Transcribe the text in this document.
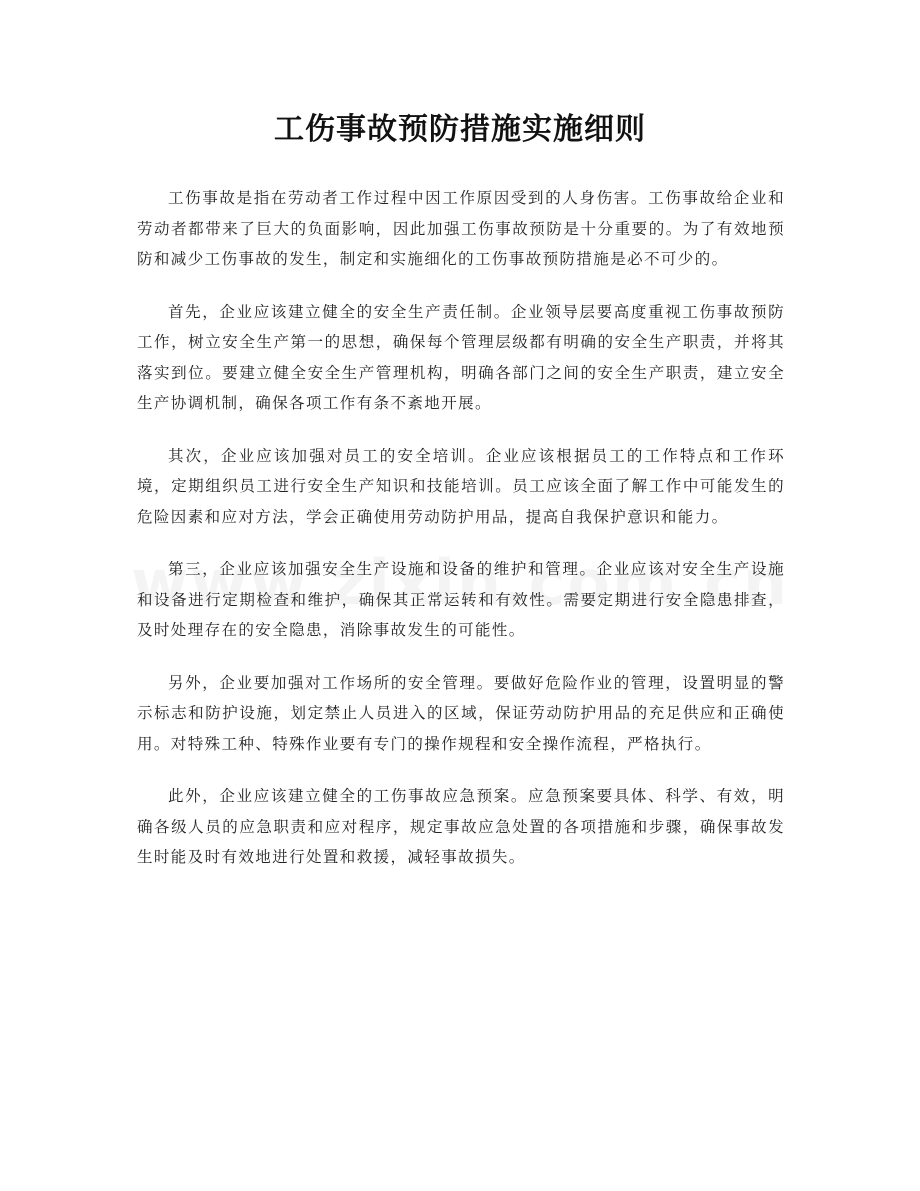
工伤事故预防措施实施细则

工伤事故是指在劳动者工作过程中因工作原因受到的人身伤害。工伤事故给企业和劳动者都带来了巨大的负面影响，因此加强工伤事故预防是十分重要的。为了有效地预防和减少工伤事故的发生，制定和实施细化的工伤事故预防措施是必不可少的。

首先，企业应该建立健全的安全生产责任制。企业领导层要高度重视工伤事故预防工作，树立安全生产第一的思想，确保每个管理层级都有明确的安全生产职责，并将其落实到位。要建立健全安全生产管理机构，明确各部门之间的安全生产职责，建立安全生产协调机制，确保各项工作有条不紊地开展。

其次，企业应该加强对员工的安全培训。企业应该根据员工的工作特点和工作环境，定期组织员工进行安全生产知识和技能培训。员工应该全面了解工作中可能发生的危险因素和应对方法，学会正确使用劳动防护用品，提高自我保护意识和能力。

第三，企业应该加强安全生产设施和设备的维护和管理。企业应该对安全生产设施和设备进行定期检查和维护，确保其正常运转和有效性。需要定期进行安全隐患排查，及时处理存在的安全隐患，消除事故发生的可能性。

另外，企业要加强对工作场所的安全管理。要做好危险作业的管理，设置明显的警示标志和防护设施，划定禁止人员进入的区域，保证劳动防护用品的充足供应和正确使用。对特殊工种、特殊作业要有专门的操作规程和安全操作流程，严格执行。

此外，企业应该建立健全的工伤事故应急预案。应急预案要具体、科学、有效，明确各级人员的应急职责和应对程序，规定事故应急处置的各项措施和步骤，确保事故发生时能及时有效地进行处置和救援，减轻事故损失。
